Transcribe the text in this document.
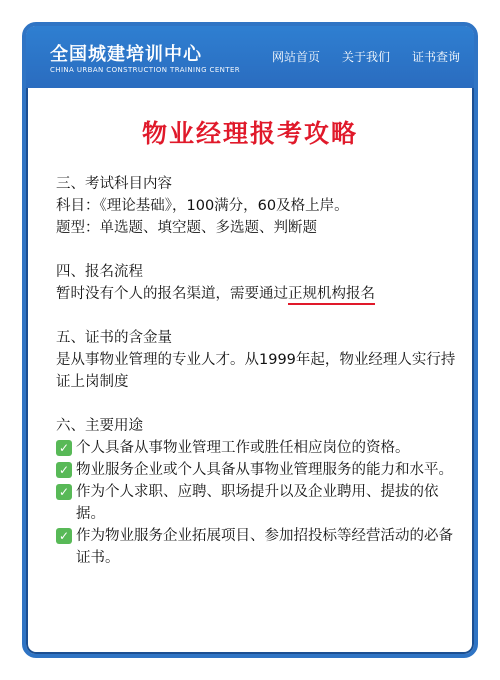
全国城建培训中心
CHINA URBAN CONSTRUCTION TRAINING CENTER
网站首页 关于我们 证书查询
物业经理报考攻略

三、考试科目内容

科目：《理论基础》，100满分，60及格上岸。

题型：单选题、填空题、多选题、判断题

四、报名流程

暂时没有个人的报名渠道，需要通过正规机构报名

五、证书的含金量

是从事物业管理的专业人才。从1999年起，物业经理人实行持证上岗制度

六、主要用途

✓ 个人具备从事物业管理工作或胜任相应岗位的资格。
✓ 物业服务企业或个人具备从事物业管理服务的能力和水平。
✓ 作为个人求职、应聘、职场提升以及企业聘用、提拔的依据。
✓ 作为物业服务企业拓展项目、参加招投标等经营活动的必备证书。
